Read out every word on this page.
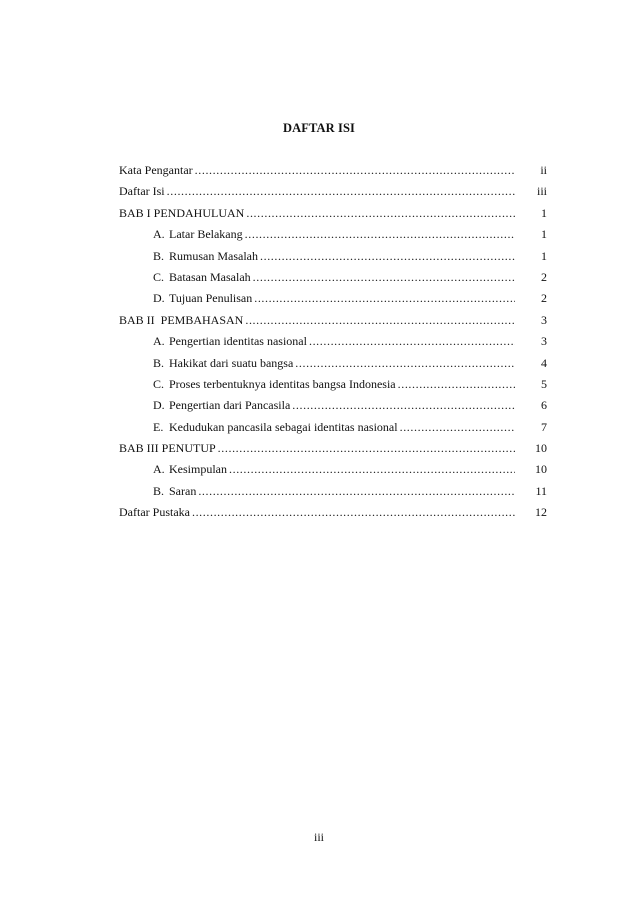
DAFTAR ISI
Kata Pengantar .....	ii
Daftar Isi .....	iii
BAB I PENDAHULUAN .....	1
A. Latar Belakang .....	1
B. Rumusan Masalah .....	1
C. Batasan Masalah .....	2
D. Tujuan Penulisan .....	2
BAB II  PEMBAHASAN .....	3
A. Pengertian identitas nasional .....	3
B. Hakikat dari suatu bangsa .....	4
C. Proses terbentuknya identitas bangsa Indonesia .....	5
D. Pengertian dari Pancasila .....	6
E. Kedudukan pancasila sebagai identitas nasional .....	7
BAB III PENUTUP .....	10
A. Kesimpulan .....	10
B. Saran .....	11
Daftar Pustaka .....	12
iii
